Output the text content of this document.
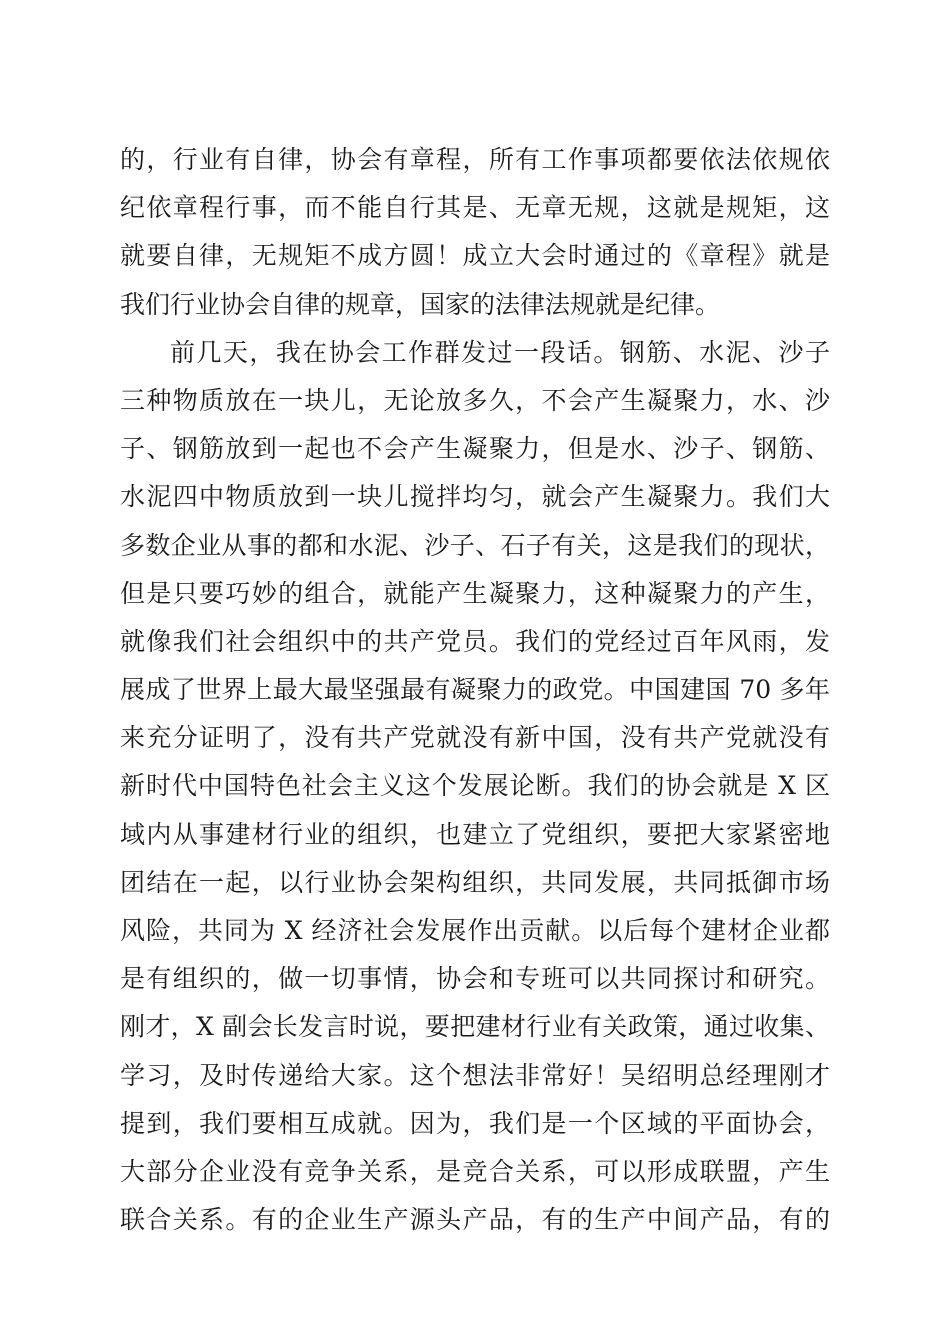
的，行业有自律，协会有章程，所有工作事项都要依法依规依
纪依章程行事，而不能自行其是、无章无规，这就是规矩，这
就要自律，无规矩不成方圆！成立大会时通过的《章程》就是
我们行业协会自律的规章，国家的法律法规就是纪律。
前几天，我在协会工作群发过一段话。钢筋、水泥、沙子
三种物质放在一块儿，无论放多久，不会产生凝聚力，水、沙
子、钢筋放到一起也不会产生凝聚力，但是水、沙子、钢筋、
水泥四中物质放到一块儿搅拌均匀，就会产生凝聚力。我们大
多数企业从事的都和水泥、沙子、石子有关，这是我们的现状，
但是只要巧妙的组合，就能产生凝聚力，这种凝聚力的产生，
就像我们社会组织中的共产党员。我们的党经过百年风雨，发
展成了世界上最大最坚强最有凝聚力的政党。中国建国 70 多年
来充分证明了，没有共产党就没有新中国，没有共产党就没有
新时代中国特色社会主义这个发展论断。我们的协会就是 X 区
域内从事建材行业的组织，也建立了党组织，要把大家紧密地
团结在一起，以行业协会架构组织，共同发展，共同抵御市场
风险，共同为 X 经济社会发展作出贡献。以后每个建材企业都
是有组织的，做一切事情，协会和专班可以共同探讨和研究。
刚才，X 副会长发言时说，要把建材行业有关政策，通过收集、
学习，及时传递给大家。这个想法非常好！吴绍明总经理刚才
提到，我们要相互成就。因为，我们是一个区域的平面协会，
大部分企业没有竞争关系，是竞合关系，可以形成联盟，产生
联合关系。有的企业生产源头产品，有的生产中间产品，有的
